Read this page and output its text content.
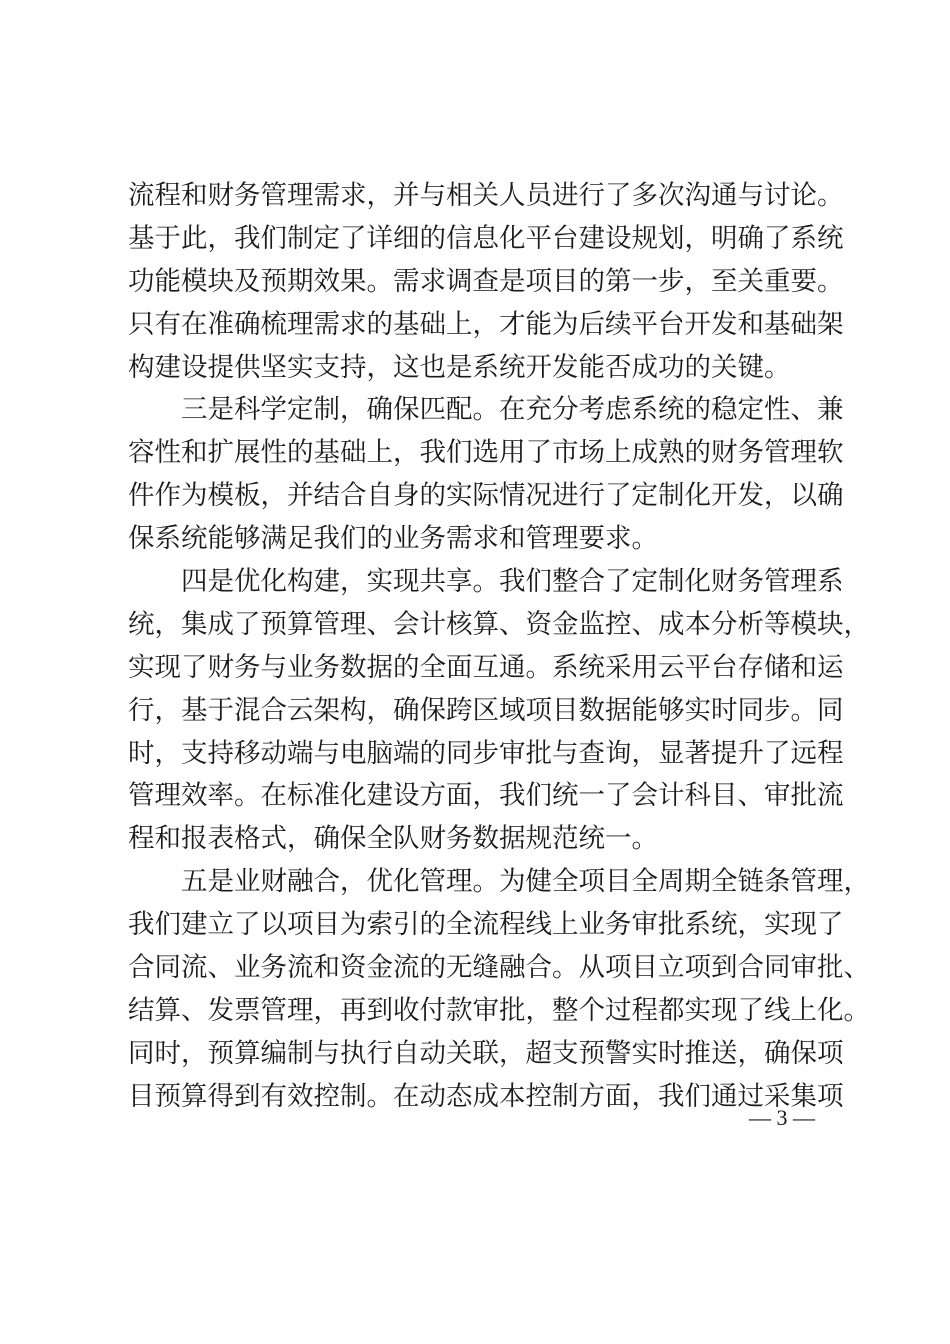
流程和财务管理需求，并与相关人员进行了多次沟通与讨论。
基于此，我们制定了详细的信息化平台建设规划，明确了系统
功能模块及预期效果。需求调查是项目的第一步，至关重要。
只有在准确梳理需求的基础上，才能为后续平台开发和基础架
构建设提供坚实支持，这也是系统开发能否成功的关键。
三是科学定制，确保匹配。在充分考虑系统的稳定性、兼
容性和扩展性的基础上，我们选用了市场上成熟的财务管理软
件作为模板，并结合自身的实际情况进行了定制化开发，以确
保系统能够满足我们的业务需求和管理要求。
四是优化构建，实现共享。我们整合了定制化财务管理系
统，集成了预算管理、会计核算、资金监控、成本分析等模块，
实现了财务与业务数据的全面互通。系统采用云平台存储和运
行，基于混合云架构，确保跨区域项目数据能够实时同步。同
时，支持移动端与电脑端的同步审批与查询，显著提升了远程
管理效率。在标准化建设方面，我们统一了会计科目、审批流
程和报表格式，确保全队财务数据规范统一。
五是业财融合，优化管理。为健全项目全周期全链条管理，
我们建立了以项目为索引的全流程线上业务审批系统，实现了
合同流、业务流和资金流的无缝融合。从项目立项到合同审批、
结算、发票管理，再到收付款审批，整个过程都实现了线上化。
同时，预算编制与执行自动关联，超支预警实时推送，确保项
目预算得到有效控制。在动态成本控制方面，我们通过采集项
— 3 —
